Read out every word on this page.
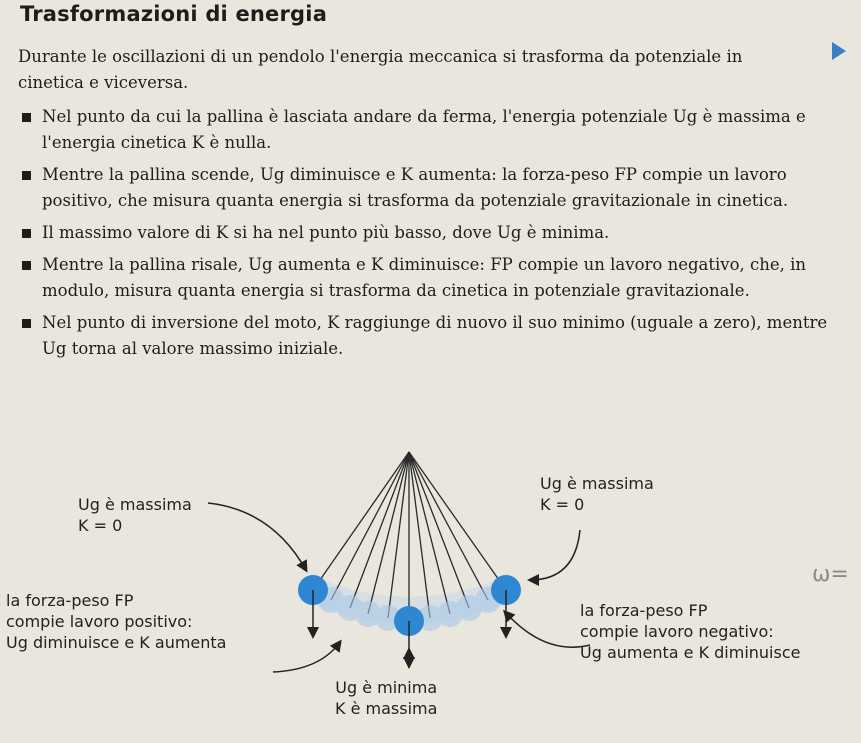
Trasformazioni di energia

Durante le oscillazioni di un pendolo l'energia meccanica si trasforma da potenziale in cinetica e viceversa.

Nel punto da cui la pallina è lasciata andare da ferma, l'energia potenziale Ug è massima e l'energia cinetica K è nulla.
Mentre la pallina scende, Ug diminuisce e K aumenta: la forza-peso FP compie un lavoro positivo, che misura quanta energia si trasforma da potenziale gravitazionale in cinetica.
Il massimo valore di K si ha nel punto più basso, dove Ug è minima.
Mentre la pallina risale, Ug aumenta e K diminuisce: FP compie un lavoro negativo, che, in modulo, misura quanta energia si trasforma da cinetica in potenziale gravitazionale.
Nel punto di inversione del moto, K raggiunge di nuovo il suo minimo (uguale a zero), mentre Ug torna al valore massimo iniziale.
ω=
Ug è massima
K = 0
Ug è massima
K = 0
la forza-peso FP
compie lavoro positivo:
Ug diminuisce e K aumenta
la forza-peso FP
compie lavoro negativo:
Ug aumenta e K diminuisce
Ug è minima
K è massima
